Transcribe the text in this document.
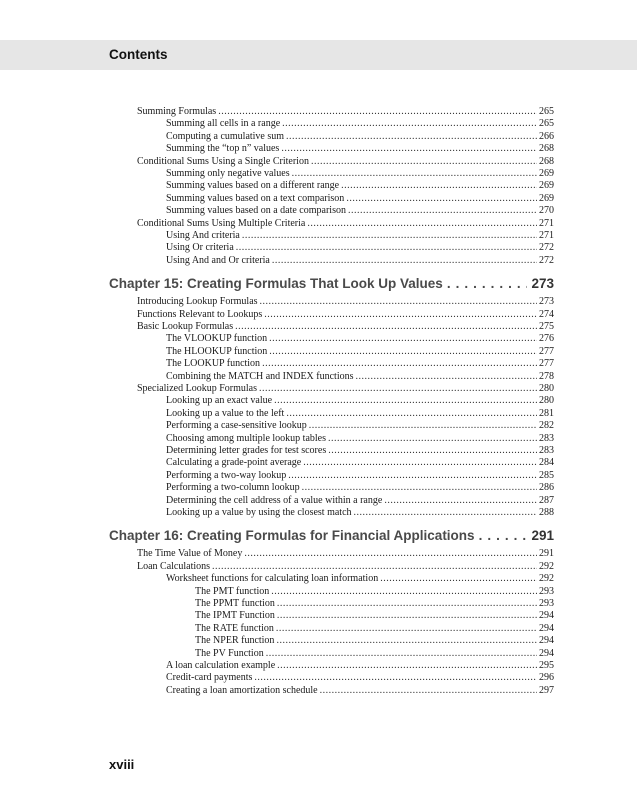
Contents
Summing Formulas .....	265
Summing all cells in a range .....	265
Computing a cumulative sum .....	266
Summing the “top n” values .....	268
Conditional Sums Using a Single Criterion .....	268
Summing only negative values .....	269
Summing values based on a different range .....	269
Summing values based on a text comparison .....	269
Summing values based on a date comparison .....	270
Conditional Sums Using Multiple Criteria .....	271
Using And criteria .....	271
Using Or criteria .....	272
Using And and Or criteria .....	272
Chapter 15: Creating Formulas That Look Up Values .....	273
Introducing Lookup Formulas .....	273
Functions Relevant to Lookups .....	274
Basic Lookup Formulas .....	275
The VLOOKUP function .....	276
The HLOOKUP function .....	277
The LOOKUP function .....	277
Combining the MATCH and INDEX functions .....	278
Specialized Lookup Formulas .....	280
Looking up an exact value .....	280
Looking up a value to the left .....	281
Performing a case-sensitive lookup .....	282
Choosing among multiple lookup tables .....	283
Determining letter grades for test scores .....	283
Calculating a grade-point average .....	284
Performing a two-way lookup .....	285
Performing a two-column lookup .....	286
Determining the cell address of a value within a range .....	287
Looking up a value by using the closest match .....	288
Chapter 16: Creating Formulas for Financial Applications .....	291
The Time Value of Money .....	291
Loan Calculations .....	292
Worksheet functions for calculating loan information .....	292
The PMT function .....	293
The PPMT function .....	293
The IPMT Function .....	294
The RATE function .....	294
The NPER function .....	294
The PV Function .....	294
A loan calculation example .....	295
Credit-card payments .....	296
Creating a loan amortization schedule .....	297
xviii
